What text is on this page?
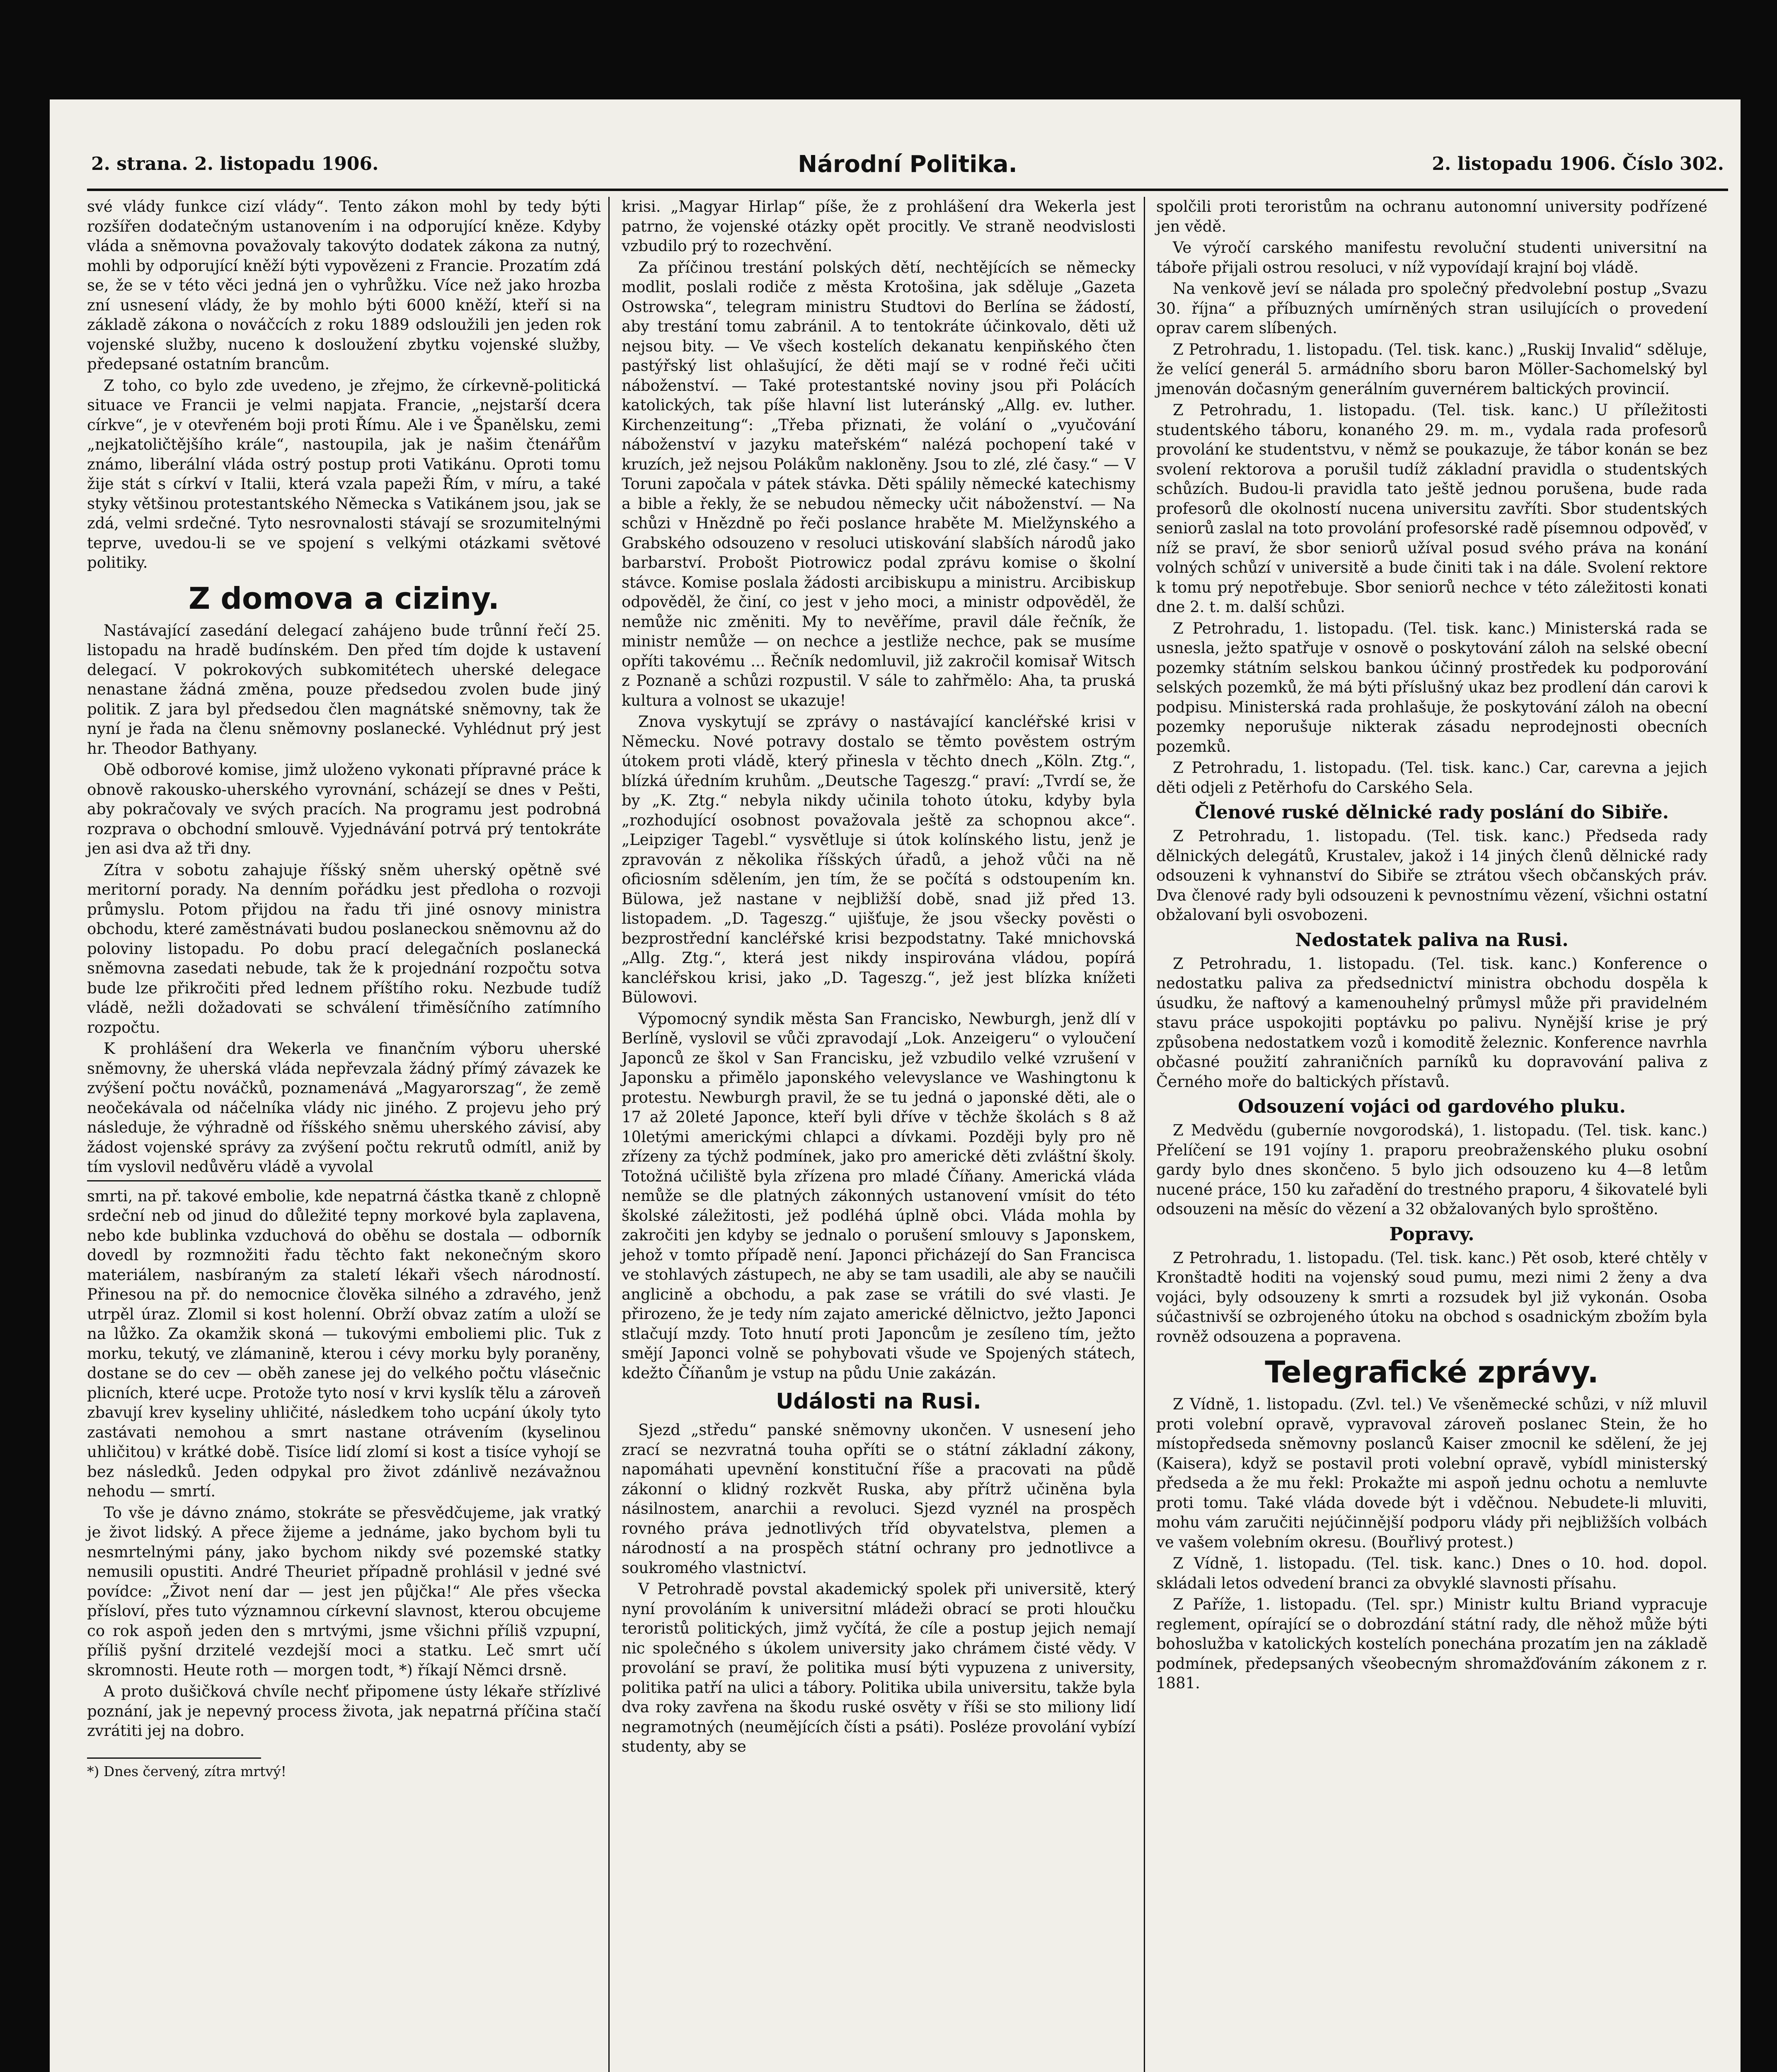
2. strana. 2. listopadu 1906.	Národní Politika.	2. listopadu 1906. Číslo 302.

své vlády funkce cizí vlády“. Tento zákon mohl by tedy býti rozšířen dodatečným ustanovením i na odporující kněze. Kdyby vláda a sněmovna považovaly takovýto dodatek zákona za nutný, mohli by odporující kněží býti vypovězeni z Francie. Prozatím zdá se, že se v této věci jedná jen o vyhrůžku. Více než jako hrozba zní usnesení vlády, že by mohlo býti 6000 kněží, kteří si na základě zákona o nováčcích z roku 1889 odsloužili jen jeden rok vojenské služby, nuceno k dosloužení zbytku vojenské služby, předepsané ostatním brancům.

Z toho, co bylo zde uvedeno, je zřejmo, že církevně-politická situace ve Francii je velmi napjata. Francie, „nejstarší dcera církve“, je v otevřeném boji proti Římu. Ale i ve Španělsku, zemi „nejkatoličtějšího krále“, nastoupila, jak je našim čtenářům známo, liberální vláda ostrý postup proti Vatikánu. Oproti tomu žije stát s církví v Italii, která vzala papeži Řím, v míru, a také styky většinou protestantského Německa s Vatikánem jsou, jak se zdá, velmi srdečné. Tyto nesrovnalosti stávají se srozumitelnými teprve, uvedou-li se ve spojení s velkými otázkami světové politiky.

Z domova a ciziny.

Nastávající zasedání delegací zahájeno bude trůnní řečí 25. listopadu na hradě budínském. Den před tím dojde k ustavení delegací. V pokrokových subkomitétech uherské delegace nenastane žádná změna, pouze předsedou zvolen bude jiný politik. Z jara byl předsedou člen magnátské sněmovny, tak že nyní je řada na členu sněmovny poslanecké. Vyhlédnut prý jest hr. Theodor Bathyany.

Obě odborové komise, jimž uloženo vykonati přípravné práce k obnově rakousko-uherského vyrovnání, scházejí se dnes v Pešti, aby pokračovaly ve svých pracích. Na programu jest podrobná rozprava o obchodní smlouvě. Vyjednávání potrvá prý tentokráte jen asi dva až tři dny.

Zítra v sobotu zahajuje říšský sněm uherský opětně své meritorní porady. Na denním pořádku jest předloha o rozvoji průmyslu. Potom přijdou na řadu tři jiné osnovy ministra obchodu, které zaměstnávati budou poslaneckou sněmovnu až do poloviny listopadu. Po dobu prací delegačních poslanecká sněmovna zasedati nebude, tak že k projednání rozpočtu sotva bude lze přikročiti před lednem příštího roku. Nezbude tudíž vládě, nežli dožadovati se schválení třiměsíčního zatímního rozpočtu.

K prohlášení dra Wekerla ve finančním výboru uherské sněmovny, že uherská vláda nepřevzala žádný přímý závazek ke zvýšení počtu nováčků, poznamenává „Magyarorszag“, že země neočekávala od náčelníka vlády nic jiného. Z projevu jeho prý následuje, že výhradně od říšského sněmu uherského závisí, aby žádost vojenské správy za zvýšení počtu rekrutů odmítl, aniž by tím vyslovil nedůvěru vládě a vyvolal

smrti, na př. takové embolie, kde nepatrná částka tkaně z chlopně srdeční neb od jinud do důležité tepny morkové byla zaplavena, nebo kde bublinka vzduchová do oběhu se dostala — odborník dovedl by rozmnožiti řadu těchto fakt nekonečným skoro materiálem, nasbíraným za staletí lékaři všech národností. Přinesou na př. do nemocnice člověka silného a zdravého, jenž utrpěl úraz. Zlomil si kost holenní. Obrží obvaz zatím a uloží se na lůžko. Za okamžik skoná — tukovými emboliemi plic. Tuk z morku, tekutý, ve zlámanině, kterou i cévy morku byly poraněny, dostane se do cev — oběh zanese jej do velkého počtu vlásečnic plicních, které ucpe. Protože tyto nosí v krvi kyslík tělu a zároveň zbavují krev kyseliny uhličité, následkem toho ucpání úkoly tyto zastávati nemohou a smrt nastane otrávením (kyselinou uhličitou) v krátké době. Tisíce lidí zlomí si kost a tisíce vyhojí se bez následků. Jeden odpykal pro život zdánlivě nezávažnou nehodu — smrtí.

To vše je dávno známo, stokráte se přesvědčujeme, jak vratký je život lidský. A přece žijeme a jednáme, jako bychom byli tu nesmrtelnými pány, jako bychom nikdy své pozemské statky nemusili opustiti. André Theuriet případně prohlásil v jedné své povídce: „Život není dar — jest jen půjčka!“ Ale přes všecka přísloví, přes tuto významnou církevní slavnost, kterou obcujeme co rok aspoň jeden den s mrtvými, jsme všichni příliš vzpupní, příliš pyšní drzitelé vezdejší moci a statku. Leč smrt učí skromnosti. Heute roth — morgen todt, *) říkají Němci drsně.

A proto dušičková chvíle nechť připomene ústy lékaře střízlivé poznání, jak je nepevný process života, jak nepatrná příčina stačí zvrátiti jej na dobro.

*) Dnes červený, zítra mrtvý!

krisi. „Magyar Hirlap“ píše, že z prohlášení dra Wekerla jest patrno, že vojenské otázky opět procitly. Ve straně neodvislosti vzbudilo prý to rozechvění.

Za příčinou trestání polských dětí, nechtějících se německy modlit, poslali rodiče z města Krotošina, jak sděluje „Gazeta Ostrowska“, telegram ministru Studtovi do Berlína se žádostí, aby trestání tomu zabránil. A to tentokráte účinkovalo, děti už nejsou bity. — Ve všech kostelích dekanatu kenpiňského čten pastýřský list ohlašující, že děti mají se v rodné řeči učiti náboženství. — Také protestantské noviny jsou při Polácích katolických, tak píše hlavní list luteránský „Allg. ev. luther. Kirchenzeitung“: „Třeba přiznati, že volání o „vyučování náboženství v jazyku mateřském“ nalézá pochopení také v kruzích, jež nejsou Polákům nakloněny. Jsou to zlé, zlé časy.“ — V Toruni započala v pátek stávka. Děti spálily německé katechismy a bible a řekly, že se nebudou německy učit náboženství. — Na schůzi v Hnězdně po řeči poslance hraběte M. Mielžynského a Grabského odsouzeno v resoluci utiskování slabších národů jako barbarství. Probošt Piotrowicz podal zprávu komise o školní stávce. Komise poslala žádosti arcibiskupu a ministru. Arcibiskup odpověděl, že činí, co jest v jeho moci, a ministr odpověděl, že nemůže nic změniti. My to nevěříme, pravil dále řečník, že ministr nemůže — on nechce a jestliže nechce, pak se musíme opříti takovému ... Řečník nedomluvil, již zakročil komisař Witsch z Poznaně a schůzi rozpustil. V sále to zahřmělo: Aha, ta pruská kultura a volnost se ukazuje!

Znova vyskytují se zprávy o nastávající kancléřské krisi v Německu. Nové potravy dostalo se těmto pověstem ostrým útokem proti vládě, který přinesla v těchto dnech „Köln. Ztg.“, blízká úředním kruhům. „Deutsche Tageszg.“ praví: „Tvrdí se, že by „K. Ztg.“ nebyla nikdy učinila tohoto útoku, kdyby byla „rozhodující osobnost považovala ještě za schopnou akce“. „Leipziger Tagebl.“ vysvětluje si útok kolínského listu, jenž je zpravován z několika říšských úřadů, a jehož vůči na ně oficiosním sdělením, jen tím, že se počítá s odstoupením kn. Bülowa, jež nastane v nejbližší době, snad již před 13. listopadem. „D. Tageszg.“ ujišťuje, že jsou všecky pověsti o bezprostřední kancléřské krisi bezpodstatny. Také mnichovská „Allg. Ztg.“, která jest nikdy inspirována vládou, popírá kancléřskou krisi, jako „D. Tageszg.“, jež jest blízka knížeti Bülowovi.

Výpomocný syndik města San Francisko, Newburgh, jenž dlí v Berlíně, vyslovil se vůči zpravodají „Lok. Anzeigeru“ o vyloučení Japonců ze škol v San Francisku, jež vzbudilo velké vzrušení v Japonsku a přimělo japonského velevyslance ve Washingtonu k protestu. Newburgh pravil, že se tu jedná o japonské děti, ale o 17 až 20leté Japonce, kteří byli dříve v těchže školách s 8 až 10letými americkými chlapci a dívkami. Později byly pro ně zřízeny za týchž podmínek, jako pro americké děti zvláštní školy. Totožná učiliště byla zřízena pro mladé Číňany. Americká vláda nemůže se dle platných zákonných ustanovení vmísit do této školské záležitosti, jež podléhá úplně obci. Vláda mohla by zakročiti jen kdyby se jednalo o porušení smlouvy s Japonskem, jehož v tomto případě není. Japonci přicházejí do San Francisca ve stohlavých zástupech, ne aby se tam usadili, ale aby se naučili anglicině a obchodu, a pak zase se vrátili do své vlasti. Je přirozeno, že je tedy ním zajato americké dělnictvo, ježto Japonci stlačují mzdy. Toto hnutí proti Japoncům je zesíleno tím, ježto smějí Japonci volně se pohybovati všude ve Spojených státech, kdežto Číňanům je vstup na půdu Unie zakázán.

Události na Rusi.

Sjezd „středu“ panské sněmovny ukončen. V usnesení jeho zrací se nezvratná touha opříti se o státní základní zákony, napomáhati upevnění konstituční říše a pracovati na půdě zákonní o klidný rozkvět Ruska, aby přítrž učiněna byla násilnostem, anarchii a revoluci. Sjezd vyznél na prospěch rovného práva jednotlivých tříd obyvatelstva, plemen a národností a na prospěch státní ochrany pro jednotlivce a soukromého vlastnictví.

V Petrohradě povstal akademický spolek při universitě, který nyní provoláním k universitní mládeži obrací se proti hloučku teroristů politických, jimž vyčítá, že cíle a postup jejich nemají nic společného s úkolem university jako chrámem čisté vědy. V provolání se praví, že politika musí býti vypuzena z university, politika patří na ulici a tábory. Politika ubila universitu, takže byla dva roky zavřena na škodu ruské osvěty v říši se sto miliony lidí negramotných (neumějících čísti a psáti). Posléze provolání vybízí studenty, aby se

spolčili proti teroristům na ochranu autonomní university podřízené jen vědě.

Ve výročí carského manifestu revoluční studenti universitní na táboře přijali ostrou resoluci, v níž vypovídají krajní boj vládě.

Na venkově jeví se nálada pro společný předvolební postup „Svazu 30. října“ a příbuzných umírněných stran usilujících o provedení oprav carem slíbených.

Z Petrohradu, 1. listopadu. (Tel. tisk. kanc.) „Ruskij Invalid“ sděluje, že velící generál 5. armádního sboru baron Möller-Sachomelský byl jmenován dočasným generálním guvernérem baltických provincií.

Z Petrohradu, 1. listopadu. (Tel. tisk. kanc.) U příležitosti studentského táboru, konaného 29. m. m., vydala rada profesorů provolání ke studentstvu, v němž se poukazuje, že tábor konán se bez svolení rektorova a porušil tudíž základní pravidla o studentských schůzích. Budou-li pravidla tato ještě jednou porušena, bude rada profesorů dle okolností nucena universitu zavříti. Sbor studentských seniorů zaslal na toto provolání profesorské radě písemnou odpověď, v níž se praví, že sbor seniorů užíval posud svého práva na konání volných schůzí v universitě a bude činiti tak i na dále. Svolení rektore k tomu prý nepotřebuje. Sbor seniorů nechce v této záležitosti konati dne 2. t. m. další schůzi.

Z Petrohradu, 1. listopadu. (Tel. tisk. kanc.) Ministerská rada se usnesla, ježto spatřuje v osnově o poskytování záloh na selské obecní pozemky státním selskou bankou účinný prostředek ku podporování selských pozemků, že má býti příslušný ukaz bez prodlení dán carovi k podpisu. Ministerská rada prohlašuje, že poskytování záloh na obecní pozemky neporušuje nikterak zásadu neprodejnosti obecních pozemků.

Z Petrohradu, 1. listopadu. (Tel. tisk. kanc.) Car, carevna a jejich děti odjeli z Petěrhofu do Carského Sela.

Členové ruské dělnické rady poslání do Sibiře.

Z Petrohradu, 1. listopadu. (Tel. tisk. kanc.) Předseda rady dělnických delegátů, Krustalev, jakož i 14 jiných členů dělnické rady odsouzeni k vyhnanství do Sibiře se ztrátou všech občanských práv. Dva členové rady byli odsouzeni k pevnostnímu vězení, všichni ostatní obžalovaní byli osvobozeni.

Nedostatek paliva na Rusi.

Z Petrohradu, 1. listopadu. (Tel. tisk. kanc.) Konference o nedostatku paliva za předsednictví ministra obchodu dospěla k úsudku, že naftový a kamenouhelný průmysl může při pravidelném stavu práce uspokojiti poptávku po palivu. Nynější krise je prý způsobena nedostatkem vozů i komoditě železnic. Konference navrhla občasné použití zahraničních parníků ku dopravování paliva z Černého moře do baltických přístavů.

Odsouzení vojáci od gardového pluku.

Z Medvědu (guberníe novgorodská), 1. listopadu. (Tel. tisk. kanc.) Přelíčení se 191 vojíny 1. praporu preobraženského pluku osobní gardy bylo dnes skončeno. 5 bylo jich odsouzeno ku 4—8 letům nucené práce, 150 ku zařadění do trestného praporu, 4 šikovatelé byli odsouzeni na měsíc do vězení a 32 obžalovaných bylo sproštěno.

Popravy.

Z Petrohradu, 1. listopadu. (Tel. tisk. kanc.) Pět osob, které chtěly v Kronštadtě hoditi na vojenský soud pumu, mezi nimi 2 ženy a dva vojáci, byly odsouzeny k smrti a rozsudek byl již vykonán. Osoba súčastnivší se ozbrojeného útoku na obchod s osadnickým zbožím byla rovněž odsouzena a popravena.

Telegrafické zprávy.

Z Vídně, 1. listopadu. (Zvl. tel.) Ve všeněmecké schůzi, v níž mluvil proti volební opravě, vypravoval zároveň poslanec Stein, že ho místopředseda sněmovny poslanců Kaiser zmocnil ke sdělení, že jej (Kaisera), když se postavil proti volební opravě, vybídl ministerský předseda a že mu řekl: Prokažte mi aspoň jednu ochotu a nemluvte proti tomu. Také vláda dovede být i vděčnou. Nebudete-li mluviti, mohu vám zaručiti nejúčinnější podporu vlády při nejbližších volbách ve vašem volebním okresu. (Bouřlivý protest.)

Z Vídně, 1. listopadu. (Tel. tisk. kanc.) Dnes o 10. hod. dopol. skládali letos odvedení branci za obvyklé slavnosti přísahu.

Z Paříže, 1. listopadu. (Tel. spr.) Ministr kultu Briand vypracuje reglement, opírající se o dobrozdání státní rady, dle něhož může býti bohoslužba v katolických kostelích ponechána prozatím jen na základě podmínek, předepsaných všeobecným shromažďováním zákonem z r. 1881.
